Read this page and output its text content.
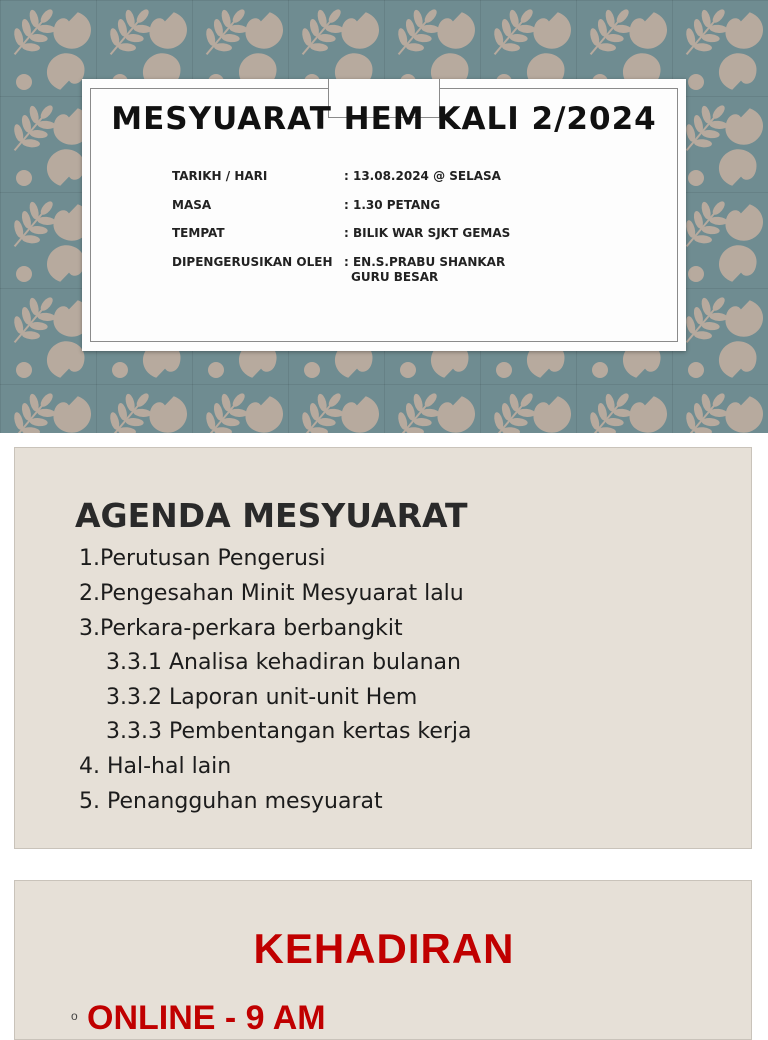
MESYUARAT HEM KALI 2/2024
TARIKH / HARI	: 13.08.2024 @ SELASA
MASA	: 1.30 PETANG
TEMPAT	: BILIK WAR SJKT GEMAS
DIPENGERUSIKAN OLEH : EN.S.PRABU SHANKAR
GURU BESAR
AGENDA MESYUARAT
1.Perutusan Pengerusi
2.Pengesahan Minit Mesyuarat lalu
3.Perkara-perkara berbangkit
3.3.1 Analisa kehadiran bulanan
3.3.2 Laporan unit-unit Hem
3.3.3 Pembentangan kertas kerja
4. Hal-hal lain
5. Penangguhan mesyuarat
KEHADIRAN
o ONLINE - 9 AM
